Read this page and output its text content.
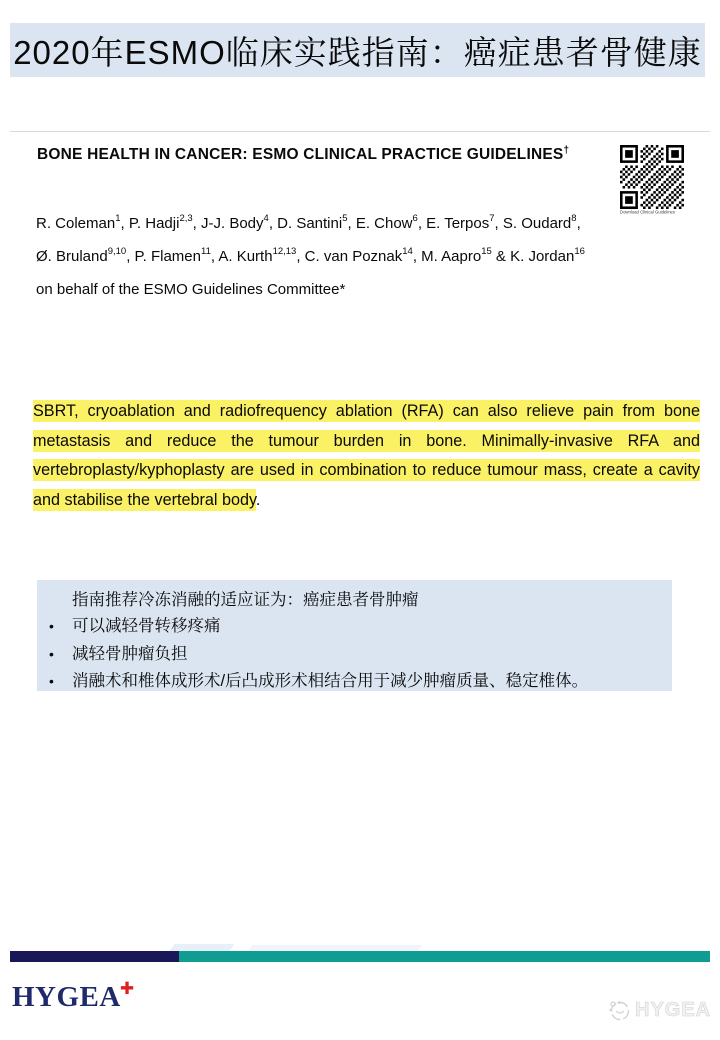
2020年ESMO临床实践指南：癌症患者骨健康
BONE HEALTH IN CANCER: ESMO CLINICAL PRACTICE GUIDELINES†
Download Clinical Guidelines

R. Coleman$^1$, P. Hadji$^{2,3}$, J-J. Body$^4$, D. Santini$^5$, E. Chow$^6$, E. Terpos$^7$, S. Oudard$^8$,

Ø. Bruland$^{9,10}$, P. Flamen$^{11}$, A. Kurth$^{12,13}$, C. van Poznak$^{14}$, M. Aapro$^{15}$ & K. Jordan$^{16}$

on behalf of the ESMO Guidelines Committee*

SBRT, cryoablation and radiofrequency ablation (RFA) can also relieve pain from bone metastasis and reduce the tumour burden in bone. Minimally-invasive RFA and vertebroplasty/kyphoplasty are used in combination to reduce tumour mass, create a cavity and stabilise the vertebral body.

指南推荐冷冻消融的适应证为：癌症患者骨肿瘤

• 可以减轻骨转移疼痛
• 减轻骨肿瘤负担
• 消融术和椎体成形术/后凸成形术相结合用于减少肿瘤质量、稳定椎体。
HYGEA✚
HYGEA
